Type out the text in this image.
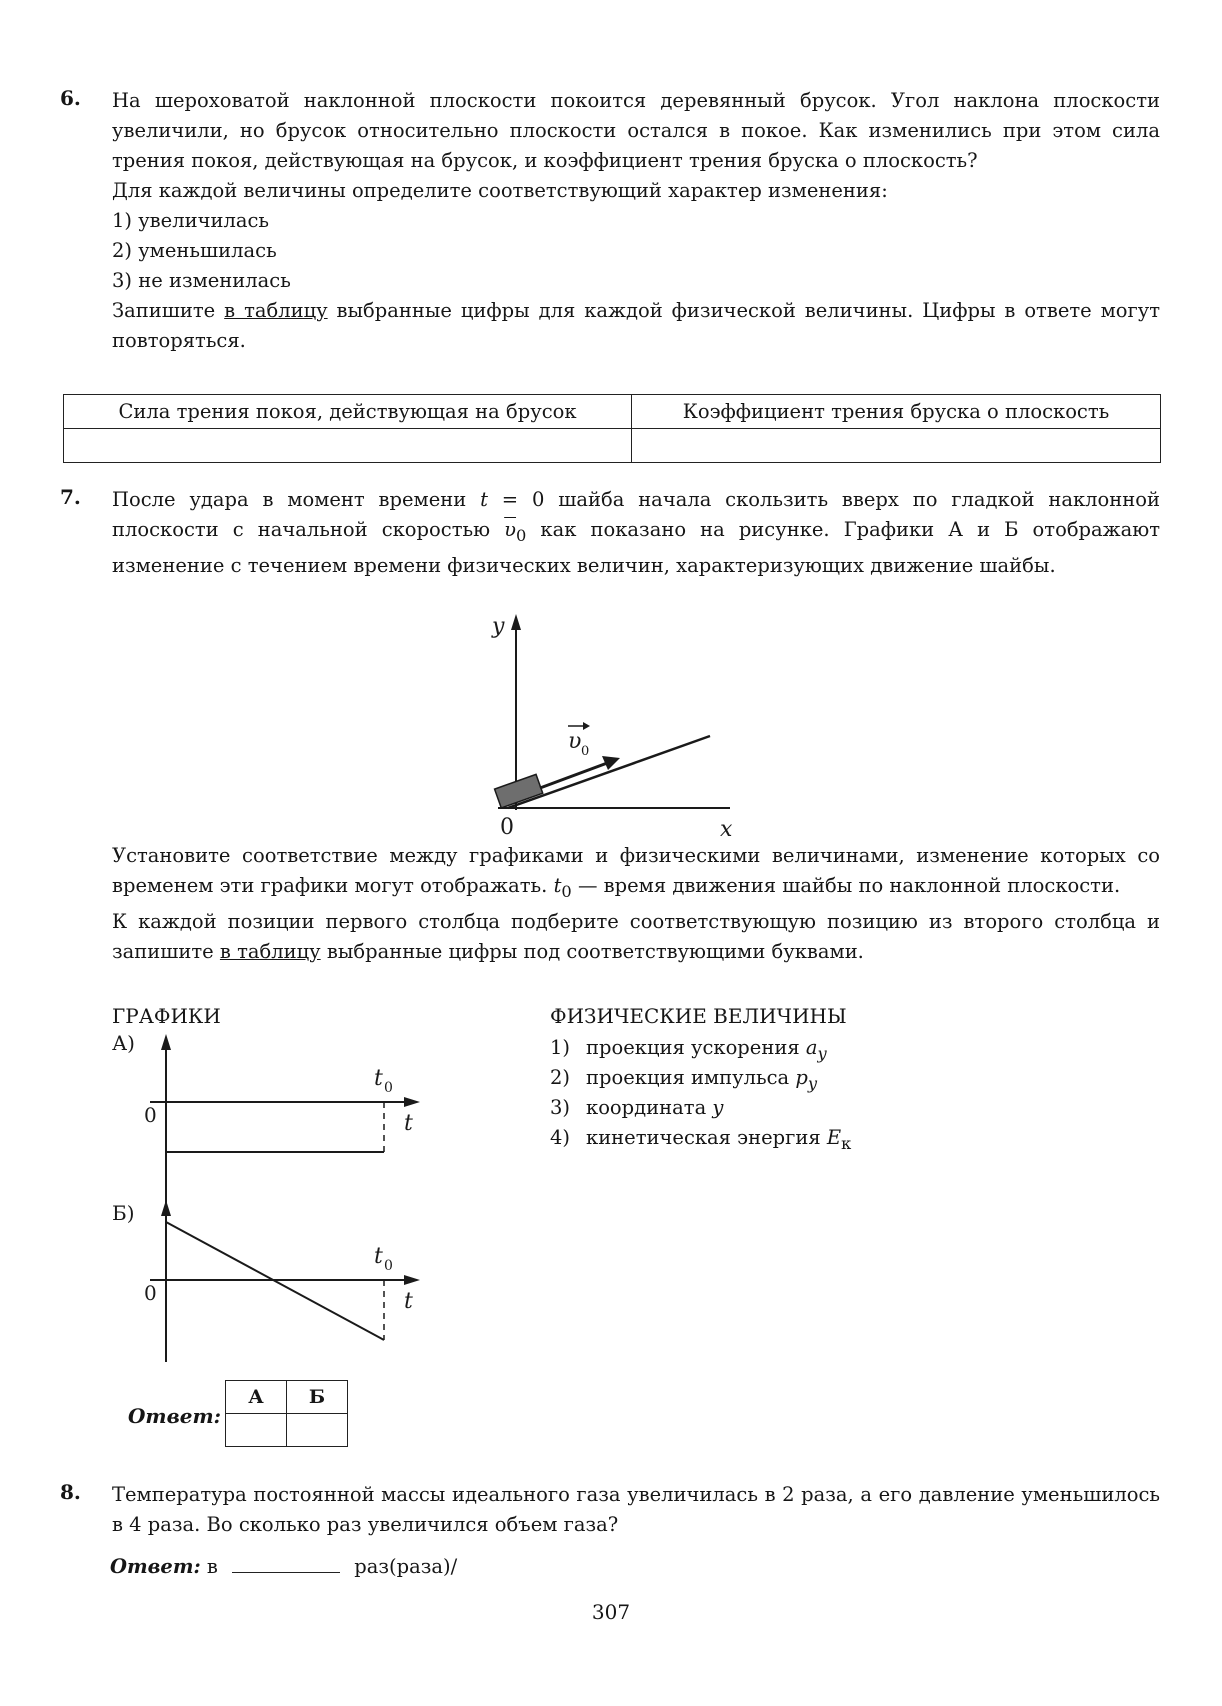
6. На шероховатой наклонной плоскости покоится деревянный брусок. Угол наклона плоскости увеличили, но брусок относительно плоскости остался в покое. Как изменились при этом сила трения покоя, действующая на брусок, и коэффициент трения бруска о плоскость?

Для каждой величины определите соответствующий характер изменения:

1) увеличилась
2) уменьшилась
3) не изменилась

Запишите в таблицу выбранные цифры для каждой физической величины. Цифры в ответе могут повторяться.

Сила трения покоя, действующая на брусок	Коэффициент трения бруска о плоскость

7. После удара в момент времени t = 0 шайба начала скользить вверх по гладкой наклонной плоскости с начальной скоростью $\overline{\upsilon}_0$ как показано на рисунке. Графики А и Б отображают изменение с течением времени физических величин, характеризующих движение шайбы.

y
x
0
υ 0

Установите соответствие между графиками и физическими величинами, изменение которых со временем эти графики могут отображать. $t_0$ — время движения шайбы по наклонной плоскости.

К каждой позиции первого столбца подберите соответствующую позицию из второго столбца и запишите в таблицу выбранные цифры под соответствующими буквами.

ГРАФИКИ	ФИЗИЧЕСКИЕ ВЕЛИЧИНЫ
А)
0	t
t 0
Б)
0	t
t 0
1) проекция ускорения $a_y$
2) проекция импульса $p_y$
3) координата y
4) кинетическая энергия $E_к$
Ответ:
А	Б

8. Температура постоянной массы идеального газа увеличилась в 2 раза, а его давление уменьшилось в 4 раза. Во сколько раз увеличился объем газа?

Ответ: в	раз(раза)/
307
